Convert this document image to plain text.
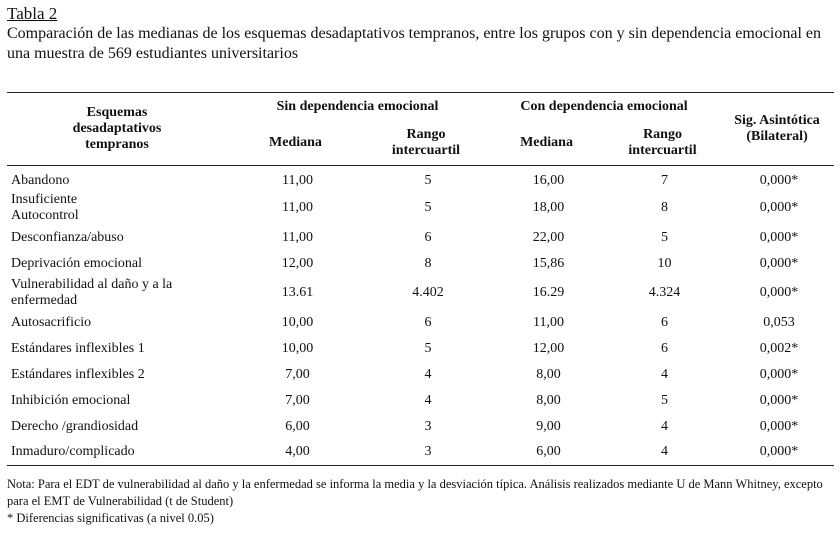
Tabla 2
Comparación de las medianas de los esquemas desadaptativos tempranos, entre los grupos con y sin dependencia emocional en una muestra de 569 estudiantes universitarios
Esquemas desadaptativos tempranos	Sin dependencia emocional		Con dependencia emocional		Sig. Asintótica (Bilateral)

	Mediana	Rango intercuartil	Mediana	Rango intercuartil	

Abandono	11,00	5	16,00	7	0,000*

Insuficiente Autocontrol	11,00	5	18,00	8	0,000*
Desconfianza/abuso	11,00	6	22,00	5	0,000*
Deprivación emocional	12,00	8	15,86	10	0,000*

Vulnerabilidad al daño y a la enfermedad	13.61	4.402	16.29	4.324	0,000*
Autosacrificio	10,00	6	11,00	6	0,053
Estándares inflexibles 1	10,00	5	12,00	6	0,002*
Estándares inflexibles 2	7,00	4	8,00	4	0,000*
Inhibición emocional	7,00	4	8,00	5	0,000*
Derecho /grandiosidad	6,00	3	9,00	4	0,000*
Inmaduro/complicado	4,00	3	6,00	4	0,000*
Nota: Para el EDT de vulnerabilidad al daño y la enfermedad se informa la media y la desviación típica. Análisis realizados mediante U de Mann Whitney, excepto para el EMT de Vulnerabilidad (t de Student)
* Diferencias significativas (a nivel 0.05)
